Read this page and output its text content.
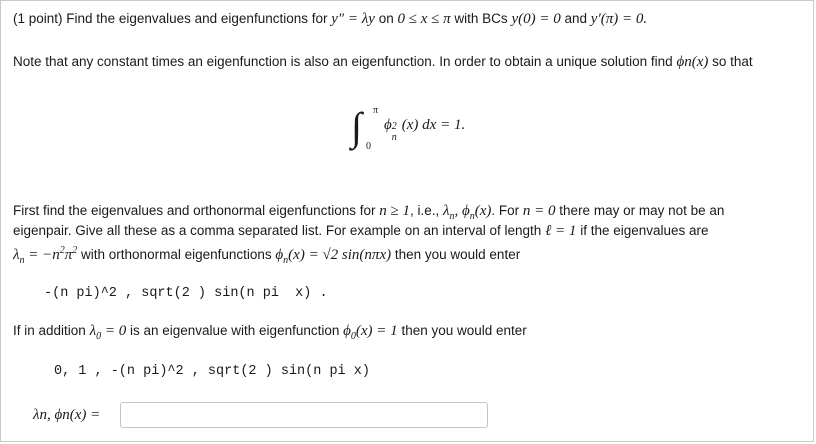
(1 point) Find the eigenvalues and eigenfunctions for y″ = λy on 0 ≤ x ≤ π with BCs y(0) = 0 and y′(π) = 0.
Note that any constant times an eigenfunction is also an eigenfunction. In order to obtain a unique solution find ϕn(x) so that
∫ π
0
ϕ 2
n
(x) dx = 1.
First find the eigenvalues and orthonormal eigenfunctions for n ≥ 1, i.e., $\lambda_n$, $\phi_n(x)$. For n = 0 there may or may not be an
eigenpair. Give all these as a comma separated list. For example on an interval of length ℓ = 1 if the eigenvalues are
$\lambda_n = -n^2\pi^2$ with orthonormal eigenfunctions $\phi_n(x) = √2$ sin(nπx) then you would enter
-(n pi)^2 , sqrt(2 ) sin(n pi  x) .
If in addition $\lambda_0 = 0$ is an eigenvalue with eigenfunction $\phi_0(x) = 1$ then you would enter
0, 1 , -(n pi)^2 , sqrt(2 ) sin(n pi x)
λn, ϕn(x) =
